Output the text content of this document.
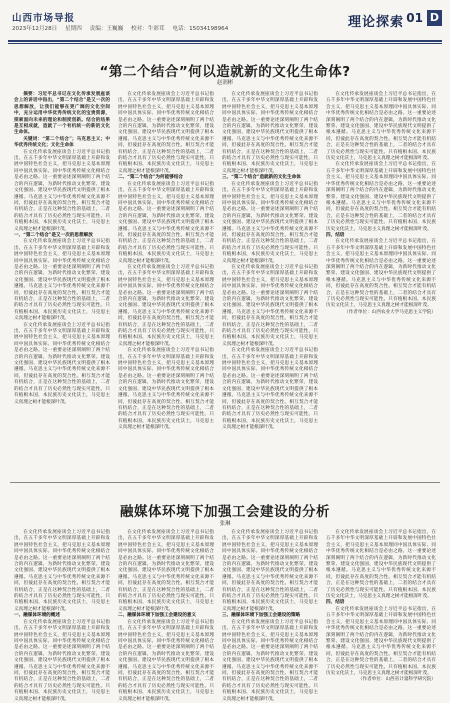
山西市场导报
2023年12月28日 星期四 责编：王巍巍 校对：牛彩茸 电话：15034198964	理论探索 01 D
“第二个结合”何以造就新的文化生命体?
赵润彬

摘要：习近平总书记在文化传承发展座谈会上的讲话中指出，“第二个结合”是又一次的思想解放，让我们能够在更广阔的文化空间中，充分运用中华优秀传统文化的宝贵资源，探索面向未来的理论和制度创新。结合的结果是互相成就，造就了一个有机统一的新的文化生命体。

关键词：“第二个结合”；马克思主义；中华优秀传统文化；文化生命体

在文化传承发展座谈会上习近平总书记指出，在五千多年中华文明深厚基础上开辟和发展中国特色社会主义，把马克思主义基本原理同中国具体实际、同中华优秀传统文化相结合是必由之路。这一重要论述深刻阐明了两个结合的内在逻辑，为新时代推动文化繁荣、建设文化强国、建设中华民族现代文明提供了根本遵循。马克思主义与中华优秀传统文化来源不同，但彼此存在高度的契合性。相互契合才能有机结合，正是在这种契合性的基础上，二者的结合才具有了历史必然性与现实可能性。只有植根本国、本民族历史文化沃土，马克思主义真理之树才能根深叶茂。

一、“第二个结合”是又一次的思想解放

在文化传承发展座谈会上习近平总书记指出，在五千多年中华文明深厚基础上开辟和发展中国特色社会主义，把马克思主义基本原理同中国具体实际、同中华优秀传统文化相结合是必由之路。这一重要论述深刻阐明了两个结合的内在逻辑，为新时代推动文化繁荣、建设文化强国、建设中华民族现代文明提供了根本遵循。马克思主义与中华优秀传统文化来源不同，但彼此存在高度的契合性。相互契合才能有机结合，正是在这种契合性的基础上，二者的结合才具有了历史必然性与现实可能性。只有植根本国、本民族历史文化沃土，马克思主义真理之树才能根深叶茂。

在文化传承发展座谈会上习近平总书记指出，在五千多年中华文明深厚基础上开辟和发展中国特色社会主义，把马克思主义基本原理同中国具体实际、同中华优秀传统文化相结合是必由之路。这一重要论述深刻阐明了两个结合的内在逻辑，为新时代推动文化繁荣、建设文化强国、建设中华民族现代文明提供了根本遵循。马克思主义与中华优秀传统文化来源不同，但彼此存在高度的契合性。相互契合才能有机结合，正是在这种契合性的基础上，二者的结合才具有了历史必然性与现实可能性。只有植根本国、本民族历史文化沃土，马克思主义真理之树才能根深叶茂。

在文化传承发展座谈会上习近平总书记指出，在五千多年中华文明深厚基础上开辟和发展中国特色社会主义，把马克思主义基本原理同中国具体实际、同中华优秀传统文化相结合是必由之路。这一重要论述深刻阐明了两个结合的内在逻辑，为新时代推动文化繁荣、建设文化强国、建设中华民族现代文明提供了根本遵循。马克思主义与中华优秀传统文化来源不同，但彼此存在高度的契合性。相互契合才能有机结合，正是在这种契合性的基础上，二者的结合才具有了历史必然性与现实可能性。只有植根本国、本民族历史文化沃土，马克思主义真理之树才能根深叶茂。

二、“第二个结合”为何能够结合

在文化传承发展座谈会上习近平总书记指出，在五千多年中华文明深厚基础上开辟和发展中国特色社会主义，把马克思主义基本原理同中国具体实际、同中华优秀传统文化相结合是必由之路。这一重要论述深刻阐明了两个结合的内在逻辑，为新时代推动文化繁荣、建设文化强国、建设中华民族现代文明提供了根本遵循。马克思主义与中华优秀传统文化来源不同，但彼此存在高度的契合性。相互契合才能有机结合，正是在这种契合性的基础上，二者的结合才具有了历史必然性与现实可能性。只有植根本国、本民族历史文化沃土，马克思主义真理之树才能根深叶茂。

在文化传承发展座谈会上习近平总书记指出，在五千多年中华文明深厚基础上开辟和发展中国特色社会主义，把马克思主义基本原理同中国具体实际、同中华优秀传统文化相结合是必由之路。这一重要论述深刻阐明了两个结合的内在逻辑，为新时代推动文化繁荣、建设文化强国、建设中华民族现代文明提供了根本遵循。马克思主义与中华优秀传统文化来源不同，但彼此存在高度的契合性。相互契合才能有机结合，正是在这种契合性的基础上，二者的结合才具有了历史必然性与现实可能性。只有植根本国、本民族历史文化沃土，马克思主义真理之树才能根深叶茂。

在文化传承发展座谈会上习近平总书记指出，在五千多年中华文明深厚基础上开辟和发展中国特色社会主义，把马克思主义基本原理同中国具体实际、同中华优秀传统文化相结合是必由之路。这一重要论述深刻阐明了两个结合的内在逻辑，为新时代推动文化繁荣、建设文化强国、建设中华民族现代文明提供了根本遵循。马克思主义与中华优秀传统文化来源不同，但彼此存在高度的契合性。相互契合才能有机结合，正是在这种契合性的基础上，二者的结合才具有了历史必然性与现实可能性。只有植根本国、本民族历史文化沃土，马克思主义真理之树才能根深叶茂。

在文化传承发展座谈会上习近平总书记指出，在五千多年中华文明深厚基础上开辟和发展中国特色社会主义，把马克思主义基本原理同中国具体实际、同中华优秀传统文化相结合是必由之路。这一重要论述深刻阐明了两个结合的内在逻辑，为新时代推动文化繁荣、建设文化强国、建设中华民族现代文明提供了根本遵循。马克思主义与中华优秀传统文化来源不同，但彼此存在高度的契合性。相互契合才能有机结合，正是在这种契合性的基础上，二者的结合才具有了历史必然性与现实可能性。只有植根本国、本民族历史文化沃土，马克思主义真理之树才能根深叶茂。

三、“第二个结合”造就新的文化生命体

在文化传承发展座谈会上习近平总书记指出，在五千多年中华文明深厚基础上开辟和发展中国特色社会主义，把马克思主义基本原理同中国具体实际、同中华优秀传统文化相结合是必由之路。这一重要论述深刻阐明了两个结合的内在逻辑，为新时代推动文化繁荣、建设文化强国、建设中华民族现代文明提供了根本遵循。马克思主义与中华优秀传统文化来源不同，但彼此存在高度的契合性。相互契合才能有机结合，正是在这种契合性的基础上，二者的结合才具有了历史必然性与现实可能性。只有植根本国、本民族历史文化沃土，马克思主义真理之树才能根深叶茂。

在文化传承发展座谈会上习近平总书记指出，在五千多年中华文明深厚基础上开辟和发展中国特色社会主义，把马克思主义基本原理同中国具体实际、同中华优秀传统文化相结合是必由之路。这一重要论述深刻阐明了两个结合的内在逻辑，为新时代推动文化繁荣、建设文化强国、建设中华民族现代文明提供了根本遵循。马克思主义与中华优秀传统文化来源不同，但彼此存在高度的契合性。相互契合才能有机结合，正是在这种契合性的基础上，二者的结合才具有了历史必然性与现实可能性。只有植根本国、本民族历史文化沃土，马克思主义真理之树才能根深叶茂。

在文化传承发展座谈会上习近平总书记指出，在五千多年中华文明深厚基础上开辟和发展中国特色社会主义，把马克思主义基本原理同中国具体实际、同中华优秀传统文化相结合是必由之路。这一重要论述深刻阐明了两个结合的内在逻辑，为新时代推动文化繁荣、建设文化强国、建设中华民族现代文明提供了根本遵循。马克思主义与中华优秀传统文化来源不同，但彼此存在高度的契合性。相互契合才能有机结合，正是在这种契合性的基础上，二者的结合才具有了历史必然性与现实可能性。只有植根本国、本民族历史文化沃土，马克思主义真理之树才能根深叶茂。

在文化传承发展座谈会上习近平总书记指出，在五千多年中华文明深厚基础上开辟和发展中国特色社会主义，把马克思主义基本原理同中国具体实际、同中华优秀传统文化相结合是必由之路。这一重要论述深刻阐明了两个结合的内在逻辑，为新时代推动文化繁荣、建设文化强国、建设中华民族现代文明提供了根本遵循。马克思主义与中华优秀传统文化来源不同，但彼此存在高度的契合性。相互契合才能有机结合，正是在这种契合性的基础上，二者的结合才具有了历史必然性与现实可能性。只有植根本国、本民族历史文化沃土，马克思主义真理之树才能根深叶茂。

在文化传承发展座谈会上习近平总书记指出，在五千多年中华文明深厚基础上开辟和发展中国特色社会主义，把马克思主义基本原理同中国具体实际、同中华优秀传统文化相结合是必由之路。这一重要论述深刻阐明了两个结合的内在逻辑，为新时代推动文化繁荣、建设文化强国、建设中华民族现代文明提供了根本遵循。马克思主义与中华优秀传统文化来源不同，但彼此存在高度的契合性。相互契合才能有机结合，正是在这种契合性的基础上，二者的结合才具有了历史必然性与现实可能性。只有植根本国、本民族历史文化沃土，马克思主义真理之树才能根深叶茂。

四、结语

在文化传承发展座谈会上习近平总书记指出，在五千多年中华文明深厚基础上开辟和发展中国特色社会主义，把马克思主义基本原理同中国具体实际、同中华优秀传统文化相结合是必由之路。这一重要论述深刻阐明了两个结合的内在逻辑，为新时代推动文化繁荣、建设文化强国、建设中华民族现代文明提供了根本遵循。马克思主义与中华优秀传统文化来源不同，但彼此存在高度的契合性。相互契合才能有机结合，正是在这种契合性的基础上，二者的结合才具有了历史必然性与现实可能性。只有植根本国、本民族历史文化沃土，马克思主义真理之树才能根深叶茂。

（作者单位：山西农业大学马克思主义学院）

融媒体环境下加强工会建设的分析
张琳

在文化传承发展座谈会上习近平总书记指出，在五千多年中华文明深厚基础上开辟和发展中国特色社会主义，把马克思主义基本原理同中国具体实际、同中华优秀传统文化相结合是必由之路。这一重要论述深刻阐明了两个结合的内在逻辑，为新时代推动文化繁荣、建设文化强国、建设中华民族现代文明提供了根本遵循。马克思主义与中华优秀传统文化来源不同，但彼此存在高度的契合性。相互契合才能有机结合，正是在这种契合性的基础上，二者的结合才具有了历史必然性与现实可能性。只有植根本国、本民族历史文化沃土，马克思主义真理之树才能根深叶茂。

一、融媒体环境的概述

在文化传承发展座谈会上习近平总书记指出，在五千多年中华文明深厚基础上开辟和发展中国特色社会主义，把马克思主义基本原理同中国具体实际、同中华优秀传统文化相结合是必由之路。这一重要论述深刻阐明了两个结合的内在逻辑，为新时代推动文化繁荣、建设文化强国、建设中华民族现代文明提供了根本遵循。马克思主义与中华优秀传统文化来源不同，但彼此存在高度的契合性。相互契合才能有机结合，正是在这种契合性的基础上，二者的结合才具有了历史必然性与现实可能性。只有植根本国、本民族历史文化沃土，马克思主义真理之树才能根深叶茂。

在文化传承发展座谈会上习近平总书记指出，在五千多年中华文明深厚基础上开辟和发展中国特色社会主义，把马克思主义基本原理同中国具体实际、同中华优秀传统文化相结合是必由之路。这一重要论述深刻阐明了两个结合的内在逻辑，为新时代推动文化繁荣、建设文化强国、建设中华民族现代文明提供了根本遵循。马克思主义与中华优秀传统文化来源不同，但彼此存在高度的契合性。相互契合才能有机结合，正是在这种契合性的基础上，二者的结合才具有了历史必然性与现实可能性。只有植根本国、本民族历史文化沃土，马克思主义真理之树才能根深叶茂。

二、融媒体环境下加强工会建设的意义

在文化传承发展座谈会上习近平总书记指出，在五千多年中华文明深厚基础上开辟和发展中国特色社会主义，把马克思主义基本原理同中国具体实际、同中华优秀传统文化相结合是必由之路。这一重要论述深刻阐明了两个结合的内在逻辑，为新时代推动文化繁荣、建设文化强国、建设中华民族现代文明提供了根本遵循。马克思主义与中华优秀传统文化来源不同，但彼此存在高度的契合性。相互契合才能有机结合，正是在这种契合性的基础上，二者的结合才具有了历史必然性与现实可能性。只有植根本国、本民族历史文化沃土，马克思主义真理之树才能根深叶茂。

在文化传承发展座谈会上习近平总书记指出，在五千多年中华文明深厚基础上开辟和发展中国特色社会主义，把马克思主义基本原理同中国具体实际、同中华优秀传统文化相结合是必由之路。这一重要论述深刻阐明了两个结合的内在逻辑，为新时代推动文化繁荣、建设文化强国、建设中华民族现代文明提供了根本遵循。马克思主义与中华优秀传统文化来源不同，但彼此存在高度的契合性。相互契合才能有机结合，正是在这种契合性的基础上，二者的结合才具有了历史必然性与现实可能性。只有植根本国、本民族历史文化沃土，马克思主义真理之树才能根深叶茂。

三、融媒体环境下加强工会建设的策略

在文化传承发展座谈会上习近平总书记指出，在五千多年中华文明深厚基础上开辟和发展中国特色社会主义，把马克思主义基本原理同中国具体实际、同中华优秀传统文化相结合是必由之路。这一重要论述深刻阐明了两个结合的内在逻辑，为新时代推动文化繁荣、建设文化强国、建设中华民族现代文明提供了根本遵循。马克思主义与中华优秀传统文化来源不同，但彼此存在高度的契合性。相互契合才能有机结合，正是在这种契合性的基础上，二者的结合才具有了历史必然性与现实可能性。只有植根本国、本民族历史文化沃土，马克思主义真理之树才能根深叶茂。

在文化传承发展座谈会上习近平总书记指出，在五千多年中华文明深厚基础上开辟和发展中国特色社会主义，把马克思主义基本原理同中国具体实际、同中华优秀传统文化相结合是必由之路。这一重要论述深刻阐明了两个结合的内在逻辑，为新时代推动文化繁荣、建设文化强国、建设中华民族现代文明提供了根本遵循。马克思主义与中华优秀传统文化来源不同，但彼此存在高度的契合性。相互契合才能有机结合，正是在这种契合性的基础上，二者的结合才具有了历史必然性与现实可能性。只有植根本国、本民族历史文化沃土，马克思主义真理之树才能根深叶茂。

四、结语

在文化传承发展座谈会上习近平总书记指出，在五千多年中华文明深厚基础上开辟和发展中国特色社会主义，把马克思主义基本原理同中国具体实际、同中华优秀传统文化相结合是必由之路。这一重要论述深刻阐明了两个结合的内在逻辑，为新时代推动文化繁荣、建设文化强国、建设中华民族现代文明提供了根本遵循。马克思主义与中华优秀传统文化来源不同，但彼此存在高度的契合性。相互契合才能有机结合，正是在这种契合性的基础上，二者的结合才具有了历史必然性与现实可能性。只有植根本国、本民族历史文化沃土，马克思主义真理之树才能根深叶茂。

（作者单位：山西省计量科学研究院）
